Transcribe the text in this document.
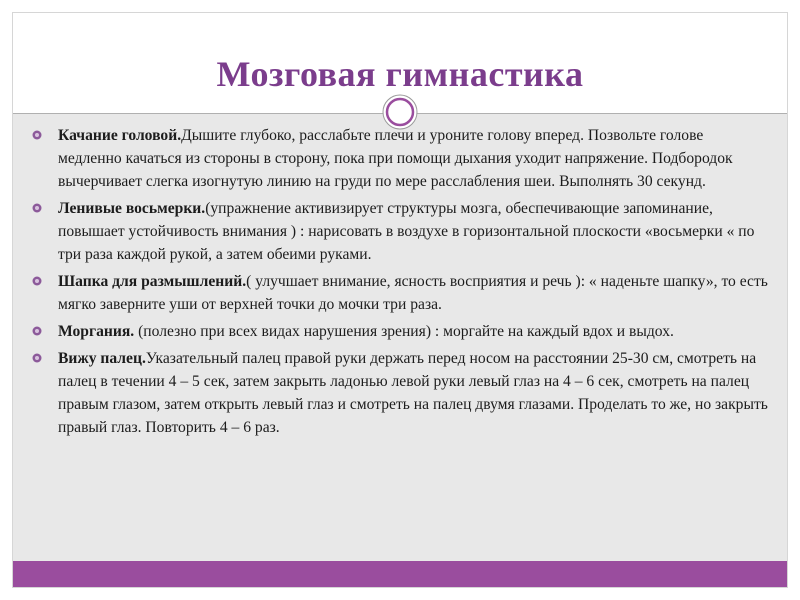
Мозговая гимнастика
Качание головой.Дышите глубоко, расслабьте плечи и уроните голову вперед. Позвольте голове медленно качаться из стороны в сторону, пока при помощи дыхания уходит напряжение. Подбородок вычерчивает слегка изогнутую линию на груди по мере расслабления шеи. Выполнять 30 секунд.
Ленивые восьмерки.(упражнение активизирует структуры мозга, обеспечивающие запоминание, повышает устойчивость внимания ) : нарисовать в воздухе в горизонтальной плоскости «восьмерки « по три раза каждой рукой, а затем обеими руками.
Шапка для размышлений.( улучшает внимание, ясность восприятия и речь ): « наденьте шапку», то есть мягко заверните уши от верхней точки до мочки три раза.
Моргания. (полезно при всех видах нарушения зрения) : моргайте на каждый вдох и выдох.
Вижу палец.Указательный палец правой руки держать перед носом на расстоянии 25-30 см, смотреть на палец в течении 4 – 5 сек, затем закрыть ладонью левой руки левый глаз на 4 – 6 сек, смотреть на палец правым глазом, затем открыть левый глаз и смотреть на палец двумя глазами. Проделать то же, но закрыть правый глаз. Повторить 4 – 6 раз.
